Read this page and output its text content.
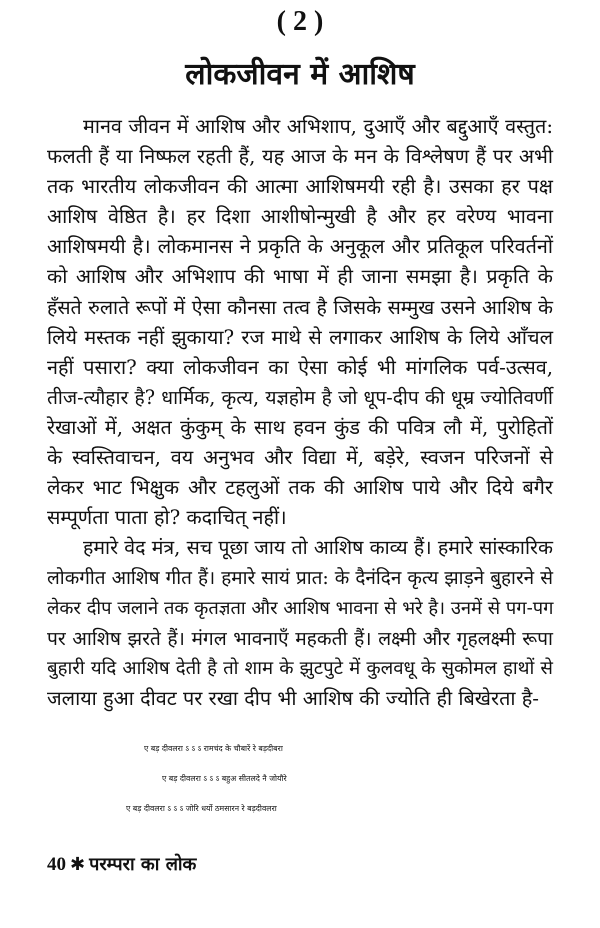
( 2 )
लोकजीवन में आशिष
मानव जीवन में आशिष और अभिशाप, दुआएँ और बद्दुआएँ वस्तुत:
फलती हैं या निष्फल रहती हैं, यह आज के मन के विश्लेषण हैं पर अभी
तक भारतीय लोकजीवन की आत्मा आशिषमयी रही है। उसका हर पक्ष
आशिष वेष्ठित है। हर दिशा आशीषोन्मुखी है और हर वरेण्य भावना
आशिषमयी है। लोकमानस ने प्रकृति के अनुकूल और प्रतिकूल परिवर्तनों
को आशिष और अभिशाप की भाषा में ही जाना समझा है। प्रकृति के
हँसते रुलाते रूपों में ऐसा कौनसा तत्व है जिसके सम्मुख उसने आशिष के
लिये मस्तक नहीं झुकाया? रज माथे से लगाकर आशिष के लिये आँचल
नहीं पसारा? क्या लोकजीवन का ऐसा कोई भी मांगलिक पर्व-उत्सव,
तीज-त्यौहार है? धार्मिक, कृत्य, यज्ञहोम है जो धूप-दीप की धूम्र ज्योतिवर्णी
रेखाओं में, अक्षत कुंकुम् के साथ हवन कुंड की पवित्र लौ में, पुरोहितों
के स्वस्तिवाचन, वय अनुभव और विद्या में, बड़ेरे, स्वजन परिजनों से
लेकर भाट भिक्षुक और टहलुओं तक की आशिष पाये और दिये बगैर
सम्पूर्णता पाता हो? कदाचित् नहीं।
हमारे वेद मंत्र, सच पूछा जाय तो आशिष काव्य हैं। हमारे सांस्कारिक
लोकगीत आशिष गीत हैं। हमारे सायं प्रात: के दैनंदिन कृत्य झाड़ने बुहारने से
लेकर दीप जलाने तक कृतज्ञता और आशिष भावना से भरे है। उनमें से पग-पग
पर आशिष झरते हैं। मंगल भावनाएँ महकती हैं। लक्ष्मी और गृहलक्ष्मी रूपा
बुहारी यदि आशिष देती है तो शाम के झुटपुटे में कुलवधू के सुकोमल हाथों से
जलाया हुआ दीवट पर रखा दीप भी आशिष की ज्योति ही बिखेरता है-
ए बड़ दीवलरा ऽ ऽ ऽ रामचंद के चौबारें रे बड़दीबरा
ए बड़ दीवलरा ऽ ऽ ऽ बहुअ सीतलदे नै जोयौरे
ए बड़ दीवलरा ऽ ऽ ऽ जोरि धर्यो ठमसारन रे बड़दीवलरा
40 ✱ परम्परा का लोक
